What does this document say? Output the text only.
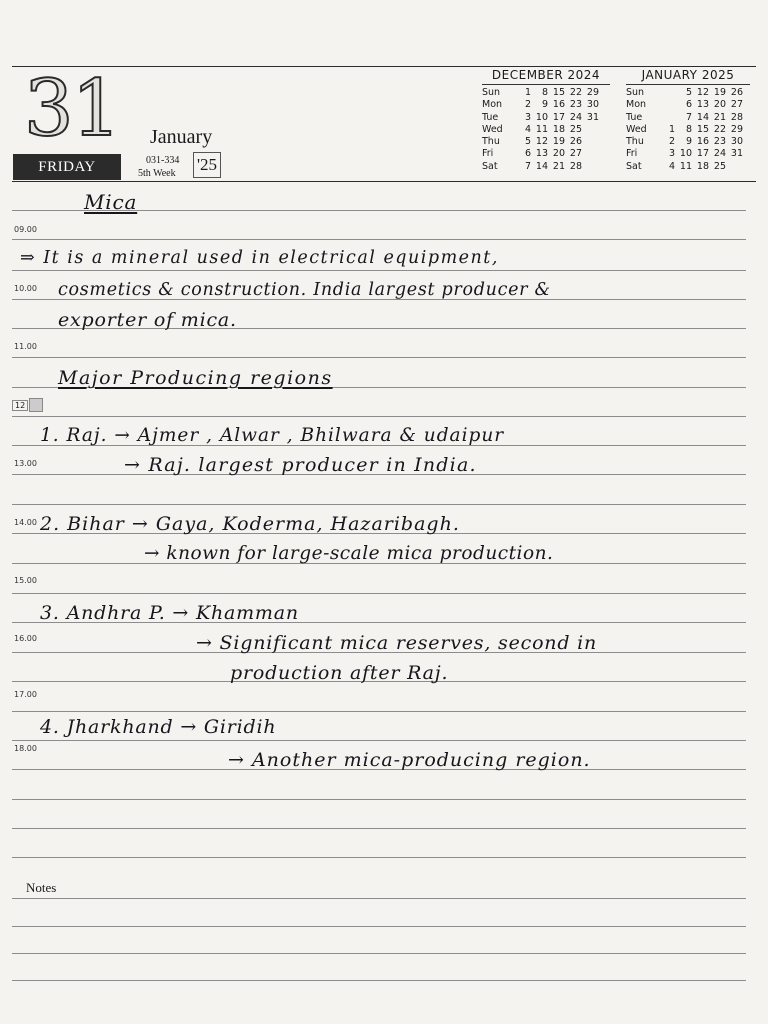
31 January
FRIDAY	031-334
5th Week '25
DECEMBER 2024
Sun	1	8 15 22 29
Mon	2	9 16 23 30
Tue	3 10 17 24 31
Wed	4 11 18 25
Thu	5 12 19 26
Fri	6 13 20 27
Sat	7 14 21 28
JANUARY 2025
Sun	5 12 19 26
Mon	6 13 20 27
Tue	7 14 21 28
Wed	1	8 15 22 29
Thu	2	9 16 23 30
Fri	3 10 17 24 31
Sat	4 11 18 25
09.00
10.00
11.00
12
13.00
14.00
15.00
16.00
17.00
18.00
Notes
Mica
⇒ It is a mineral used in electrical equipment,
cosmetics & construction. India largest producer &
exporter of mica.
Major Producing regions
1. Raj. → Ajmer , Alwar , Bhilwara & udaipur
→ Raj. largest producer in India.
2. Bihar → Gaya, Koderma, Hazaribagh.
→ known for large-scale mica production.
3. Andhra P. → Khamman
→ Significant mica reserves, second in
production after Raj.
4. Jharkhand → Giridih
→ Another mica-producing region.
